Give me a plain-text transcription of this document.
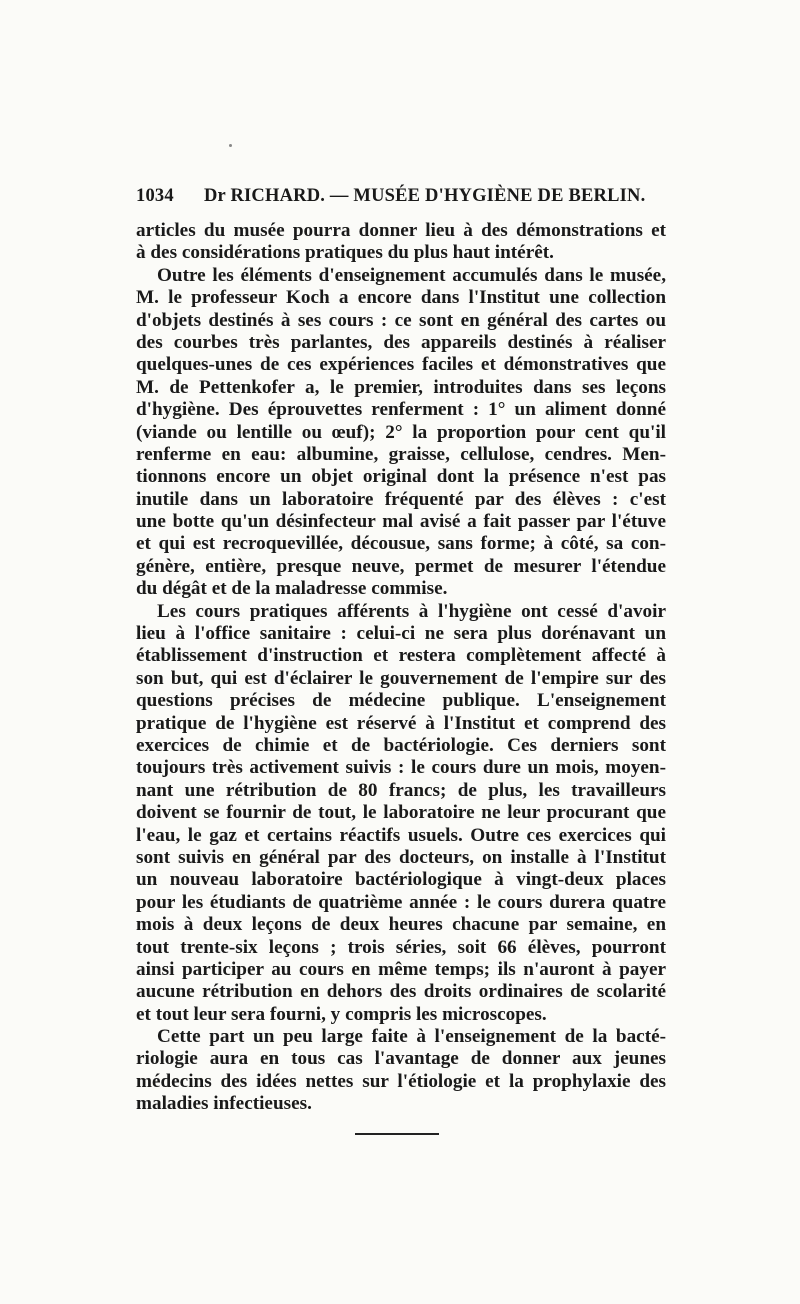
1034 Dr RICHARD. — MUSÉE D'HYGIÈNE DE BERLIN.
articles du musée pourra donner lieu à des démonstrations et
à des considérations pratiques du plus haut intérêt.
Outre les éléments d'enseignement accumulés dans le musée,
M. le professeur Koch a encore dans l'Institut une collection
d'objets destinés à ses cours : ce sont en général des cartes ou
des courbes très parlantes, des appareils destinés à réaliser
quelques-unes de ces expériences faciles et démonstratives que
M. de Pettenkofer a, le premier, introduites dans ses leçons
d'hygiène. Des éprouvettes renferment : 1° un aliment donné
(viande ou lentille ou œuf); 2° la proportion pour cent qu'il
renferme en eau: albumine, graisse, cellulose, cendres. Men-
tionnons encore un objet original dont la présence n'est pas
inutile dans un laboratoire fréquenté par des élèves : c'est
une botte qu'un désinfecteur mal avisé a fait passer par l'étuve
et qui est recroquevillée, décousue, sans forme; à côté, sa con-
génère, entière, presque neuve, permet de mesurer l'étendue
du dégât et de la maladresse commise.
Les cours pratiques afférents à l'hygiène ont cessé d'avoir
lieu à l'office sanitaire : celui-ci ne sera plus dorénavant un
établissement d'instruction et restera complètement affecté à
son but, qui est d'éclairer le gouvernement de l'empire sur des
questions précises de médecine publique. L'enseignement
pratique de l'hygiène est réservé à l'Institut et comprend des
exercices de chimie et de bactériologie. Ces derniers sont
toujours très activement suivis : le cours dure un mois, moyen-
nant une rétribution de 80 francs; de plus, les travailleurs
doivent se fournir de tout, le laboratoire ne leur procurant que
l'eau, le gaz et certains réactifs usuels. Outre ces exercices qui
sont suivis en général par des docteurs, on installe à l'Institut
un nouveau laboratoire bactériologique à vingt-deux places
pour les étudiants de quatrième année : le cours durera quatre
mois à deux leçons de deux heures chacune par semaine, en
tout trente-six leçons ; trois séries, soit 66 élèves, pourront
ainsi participer au cours en même temps; ils n'auront à payer
aucune rétribution en dehors des droits ordinaires de scolarité
et tout leur sera fourni, y compris les microscopes.
Cette part un peu large faite à l'enseignement de la bacté-
riologie aura en tous cas l'avantage de donner aux jeunes
médecins des idées nettes sur l'étiologie et la prophylaxie des
maladies infectieuses.
